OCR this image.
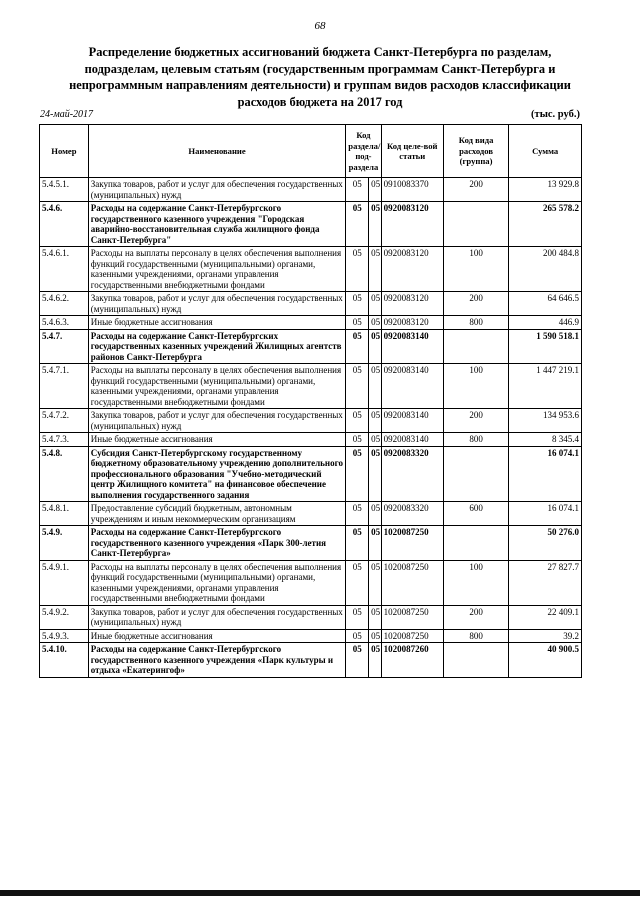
68
Распределение бюджетных ассигнований бюджета Санкт-Петербурга по разделам, подразделам, целевым статьям (государственным программам Санкт-Петербурга и непрограммным направлениям деятельности) и группам видов расходов классификации расходов бюджета на 2017 год
24-май-2017	(тыс. руб.)
Номер	Наименование	Код раздела/ под-раздела		Код целе-вой статьи	Код вида расходов (группа)	Сумма
5.4.5.1.	Закупка товаров, работ и услуг для обеспечения государственных (муниципальных) нужд	05	05	0910083370	200	13 929.8
5.4.6.	Расходы на содержание Санкт-Петербургского государственного казенного учреждения "Городская аварийно-восстановительная служба жилищного фонда Санкт-Петербурга"	05	05	0920083120		265 578.2
5.4.6.1.	Расходы на выплаты персоналу в целях обеспечения выполнения функций государственными (муниципальными) органами, казенными учреждениями, органами управления государственными внебюджетными фондами	05	05	0920083120	100	200 484.8
5.4.6.2.	Закупка товаров, работ и услуг для обеспечения государственных (муниципальных) нужд	05	05	0920083120	200	64 646.5
5.4.6.3.	Иные бюджетные ассигнования	05	05	0920083120	800	446.9
5.4.7.	Расходы на содержание Санкт-Петербургских государственных казенных учреждений Жилищных агентств районов Санкт-Петербурга	05	05	0920083140		1 590 518.1
5.4.7.1.	Расходы на выплаты персоналу в целях обеспечения выполнения функций государственными (муниципальными) органами, казенными учреждениями, органами управления государственными внебюджетными фондами	05	05	0920083140	100	1 447 219.1
5.4.7.2.	Закупка товаров, работ и услуг для обеспечения государственных (муниципальных) нужд	05	05	0920083140	200	134 953.6
5.4.7.3.	Иные бюджетные ассигнования	05	05	0920083140	800	8 345.4
5.4.8.	Субсидия Санкт-Петербургскому государственному бюджетному образовательному учреждению дополнительного профессионального образования "Учебно-методический центр Жилищного комитета" на финансовое обеспечение выполнения государственного задания	05	05	0920083320		16 074.1
5.4.8.1.	Предоставление субсидий бюджетным, автономным учреждениям и иным некоммерческим организациям	05	05	0920083320	600	16 074.1
5.4.9.	Расходы на содержание Санкт-Петербургского государственного казенного учреждения «Парк 300-летия Санкт-Петербурга»	05	05	1020087250		50 276.0
5.4.9.1.	Расходы на выплаты персоналу в целях обеспечения выполнения функций государственными (муниципальными) органами, казенными учреждениями, органами управления государственными внебюджетными фондами	05	05	1020087250	100	27 827.7
5.4.9.2.	Закупка товаров, работ и услуг для обеспечения государственных (муниципальных) нужд	05	05	1020087250	200	22 409.1
5.4.9.3.	Иные бюджетные ассигнования	05	05	1020087250	800	39.2
5.4.10.	Расходы на содержание Санкт-Петербургского государственного казенного учреждения «Парк культуры и отдыха «Екатерингоф»	05	05	1020087260		40 900.5
